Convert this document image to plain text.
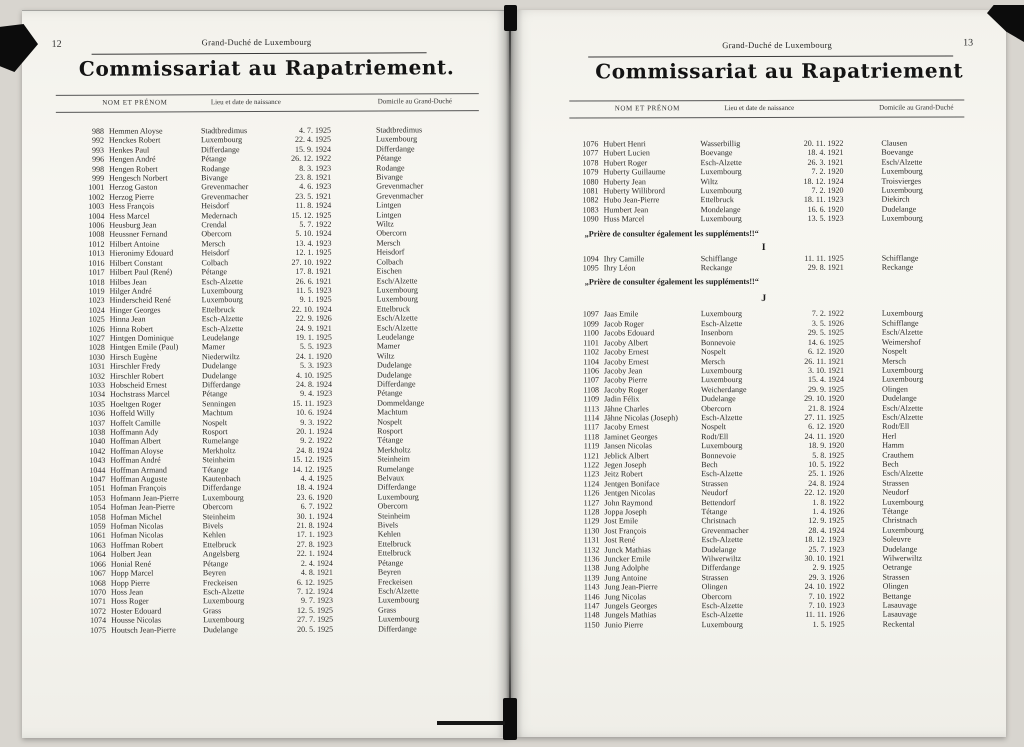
12	Grand-Duché de Luxembourg
Commissariat au Rapatriement.
NOM ET PRÉNOM	Lieu et date de naissance	Domicile au Grand-Duché
988 Hemmen Aloyse	Stadtbredimus	4. 7. 1925	Stadtbredimus
992 Henckes Robert	Luxembourg	22. 4. 1925	Luxembourg
993 Henkes Paul	Differdange	15. 9. 1924	Differdange
996 Hengen André	Pétange	26. 12. 1922	Pétange
998 Hengen Robert	Rodange	8. 3. 1923	Rodange
999 Hengesch Norbert	Bivange	23. 8. 1921	Bivange
1001 Herzog Gaston	Grevenmacher	4. 6. 1923	Grevenmacher
1002 Herzog Pierre	Grevenmacher	23. 5. 1921	Grevenmacher
1003 Hess François	Heisdorf	11. 8. 1924	Lintgen
1004 Hess Marcel	Medernach	15. 12. 1925	Lintgen
1006 Heusburg Jean	Crendal	5. 7. 1922	Wiltz
1008 Heussner Fernand	Obercorn	5. 10. 1924	Obercorn
1012 Hilbert Antoine	Mersch	13. 4. 1923	Mersch
1013 Hieronimy Edouard	Heisdorf	12. 1. 1925	Heisdorf
1016 Hilbert Constant	Colbach	27. 10. 1922	Colbach
1017 Hilbert Paul (René)	Pétange	17. 8. 1921	Eischen
1018 Hilbes Jean	Esch-Alzette	26. 6. 1921	Esch/Alzette
1019 Hilger André	Luxembourg	11. 5. 1923	Luxembourg
1023 Hinderscheid René	Luxembourg	9. 1. 1925	Luxembourg
1024 Hinger Georges	Ettelbruck	22. 10. 1924	Ettelbruck
1025 Hinna Jean	Esch-Alzette	22. 9. 1926	Esch/Alzette
1026 Hinna Robert	Esch-Alzette	24. 9. 1921	Esch/Alzette
1027 Hintgen Dominique	Leudelange	19. 1. 1925	Leudelange
1028 Hintgen Emile (Paul)	Mamer	5. 5. 1923	Mamer
1030 Hirsch Eugène	Niederwiltz	24. 1. 1920	Wiltz
1031 Hirschler Fredy	Dudelange	5. 3. 1923	Dudelange
1032 Hirschler Robert	Dudelange	4. 10. 1925	Dudelange
1033 Hobscheid Ernest	Differdange	24. 8. 1924	Differdange
1034 Hochstrass Marcel	Pétange	9. 4. 1923	Pétange
1035 Hoeltgen Roger	Senningen	15. 11. 1923	Dommeldange
1036 Hoffeld Willy	Machtum	10. 6. 1924	Machtum
1037 Hoffelt Camille	Nospelt	9. 3. 1922	Nospelt
1038 Hoffmann Ady	Rosport	20. 1. 1924	Rosport
1040 Hoffman Albert	Rumelange	9. 2. 1922	Tétange
1042 Hoffman Aloyse	Merkholtz	24. 8. 1924	Merkholtz
1043 Hoffman André	Steinheim	15. 12. 1925	Steinheim
1044 Hoffman Armand	Tétange	14. 12. 1925	Rumelange
1047 Hoffman Auguste	Kautenbach	4. 4. 1925	Belvaux
1051 Hofman François	Differdange	18. 4. 1924	Differdange
1053 Hofmann Jean-Pierre	Luxembourg	23. 6. 1920	Luxembourg
1054 Hofman Jean-Pierre	Obercorn	6. 7. 1922	Obercorn
1058 Hofman Michel	Steinheim	30. 1. 1924	Steinheim
1059 Hofman Nicolas	Bivels	21. 8. 1924	Bivels
1061 Hofman Nicolas	Kehlen	17. 1. 1923	Kehlen
1063 Hoffman Robert	Ettelbruck	27. 8. 1923	Ettelbruck
1064 Holbert Jean	Angelsberg	22. 1. 1924	Ettelbruck
1066 Honial René	Pétange	2. 4. 1924	Pétange
1067 Hopp Marcel	Beyren	4. 8. 1921	Beyren
1068 Hopp Pierre	Freckeisen	6. 12. 1925	Freckeisen
1070 Hoss Jean	Esch-Alzette	7. 12. 1924	Esch/Alzette
1071 Hoss Roger	Luxembourg	9. 7. 1923	Luxembourg
1072 Hoster Edouard	Grass	12. 5. 1925	Grass
1074 Housse Nicolas	Luxembourg	27. 7. 1925	Luxembourg
1075 Houtsch Jean-Pierre	Dudelange	20. 5. 1925	Differdange
Grand-Duché de Luxembourg	13
Commissariat au Rapatriement
NOM ET PRÉNOM	Lieu et date de naissance	Domicile au Grand-Duché
1076 Hubert Henri	Wasserbillig	20. 11. 1922	Clausen
1077 Hubert Lucien	Boevange	18. 4. 1921	Boevange
1078 Hubert Roger	Esch-Alzette	26. 3. 1921	Esch/Alzette
1079 Huberty Guillaume	Luxembourg	7. 2. 1920	Luxembourg
1080 Huberty Jean	Wiltz	18. 12. 1924	Troisvierges
1081 Huberty Willibrord	Luxembourg	7. 2. 1920	Luxembourg
1082 Hubo Jean-Pierre	Ettelbruck	18. 11. 1923	Diekirch
1083 Humbert Jean	Mondelange	16. 6. 1920	Dudelange
1090 Huss Marcel	Luxembourg	13. 5. 1923	Luxembourg
„Prière de consulter également les suppléments!!“
I
1094 Ihry Camille	Schifflange	11. 11. 1925	Schifflange
1095 Ihry Léon	Reckange	29. 8. 1921	Reckange
„Prière de consulter également les suppléments!!“
J
1097 Jaas Emile	Luxembourg	7. 2. 1922	Luxembourg
1099 Jacob Roger	Esch-Alzette	3. 5. 1926	Schifflange
1100 Jacobs Edouard	Insenborn	29. 5. 1925	Esch/Alzette
1101 Jacoby Albert	Bonnevoie	14. 6. 1925	Weimershof
1102 Jacoby Ernest	Nospelt	6. 12. 1920	Nospelt
1104 Jacoby Ernest	Mersch	26. 11. 1921	Mersch
1106 Jacoby Jean	Luxembourg	3. 10. 1921	Luxembourg
1107 Jacoby Pierre	Luxembourg	15. 4. 1924	Luxembourg
1108 Jacoby Roger	Weicherdange	29. 9. 1925	Olingen
1109 Jadin Félix	Dudelange	29. 10. 1920	Dudelange
1113 Jähne Charles	Obercorn	21. 8. 1924	Esch/Alzette
1114 Jähne Nicolas (Joseph)	Esch-Alzette	27. 11. 1925	Esch/Alzette
1117 Jacoby Ernest	Nospelt	6. 12. 1920	Rodt/Ell
1118 Jaminet Georges	Rodt/Ell	24. 11. 1920	Herl
1119 Jansen Nicolas	Luxembourg	18. 9. 1920	Hamm
1121 Jeblick Albert	Bonnevoie	5. 8. 1925	Crauthem
1122 Jegen Joseph	Bech	10. 5. 1922	Bech
1123 Jeitz Robert	Esch-Alzette	25. 1. 1926	Esch/Alzette
1124 Jentgen Boniface	Strassen	24. 8. 1924	Strassen
1126 Jentgen Nicolas	Neudorf	22. 12. 1920	Neudorf
1127 John Raymond	Bettendorf	1. 8. 1922	Luxembourg
1128 Joppa Joseph	Tétange	1. 4. 1926	Tétange
1129 Jost Emile	Christnach	12. 9. 1925	Christnach
1130 Jost François	Grevenmacher	28. 4. 1924	Luxembourg
1131 Jost René	Esch-Alzette	18. 12. 1923	Soleuvre
1132 Junck Mathias	Dudelange	25. 7. 1923	Dudelange
1136 Juncker Emile	Wilwerwiltz	30. 10. 1921	Wilwerwiltz
1138 Jung Adolphe	Differdange	2. 9. 1925	Oetrange
1139 Jung Antoine	Strassen	29. 3. 1926	Strassen
1143 Jung Jean-Pierre	Olingen	24. 10. 1922	Olingen
1146 Jung Nicolas	Obercorn	7. 10. 1922	Bettange
1147 Jungels Georges	Esch-Alzette	7. 10. 1923	Lasauvage
1148 Jungels Mathias	Esch-Alzette	11. 11. 1926	Lasauvage
1150 Junio Pierre	Luxembourg	1. 5. 1925	Reckental
